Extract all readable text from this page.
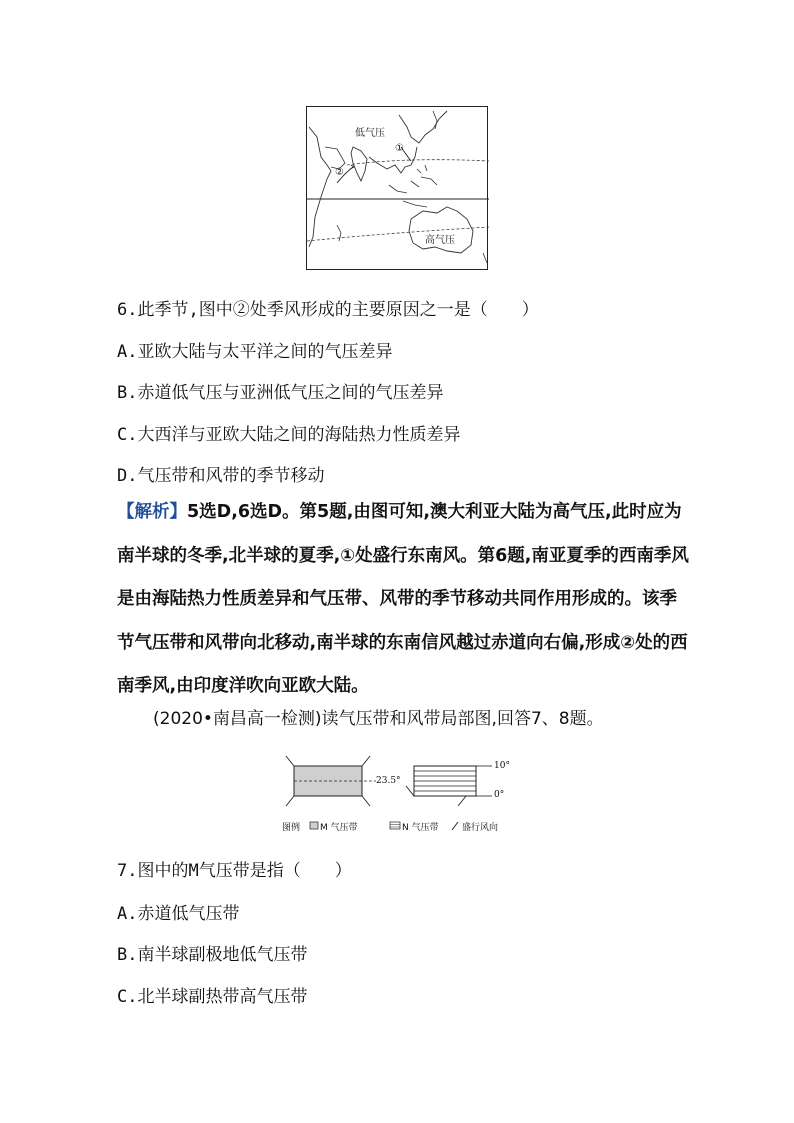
低气压
高气压
①
②
6.此季节,图中②处季风形成的主要原因之一是（　　）
A.亚欧大陆与太平洋之间的气压差异
B.赤道低气压与亚洲低气压之间的气压差异
C.大西洋与亚欧大陆之间的海陆热力性质差异
D.气压带和风带的季节移动
【解析】5选D,6选D。第5题,由图可知,澳大利亚大陆为高气压,此时应为南半球的冬季,北半球的夏季,①处盛行东南风。第6题,南亚夏季的西南季风是由海陆热力性质差异和气压带、风带的季节移动共同作用形成的。该季节气压带和风带向北移动,南半球的东南信风越过赤道向右偏,形成②处的西南季风,由印度洋吹向亚欧大陆。
(2020•南昌高一检测)读气压带和风带局部图,回答7、8题。
23.5°
10°
0°
图例 M 气压带	N 气压带	盛行风向
7.图中的M气压带是指（　　）
A.赤道低气压带
B.南半球副极地低气压带
C.北半球副热带高气压带
